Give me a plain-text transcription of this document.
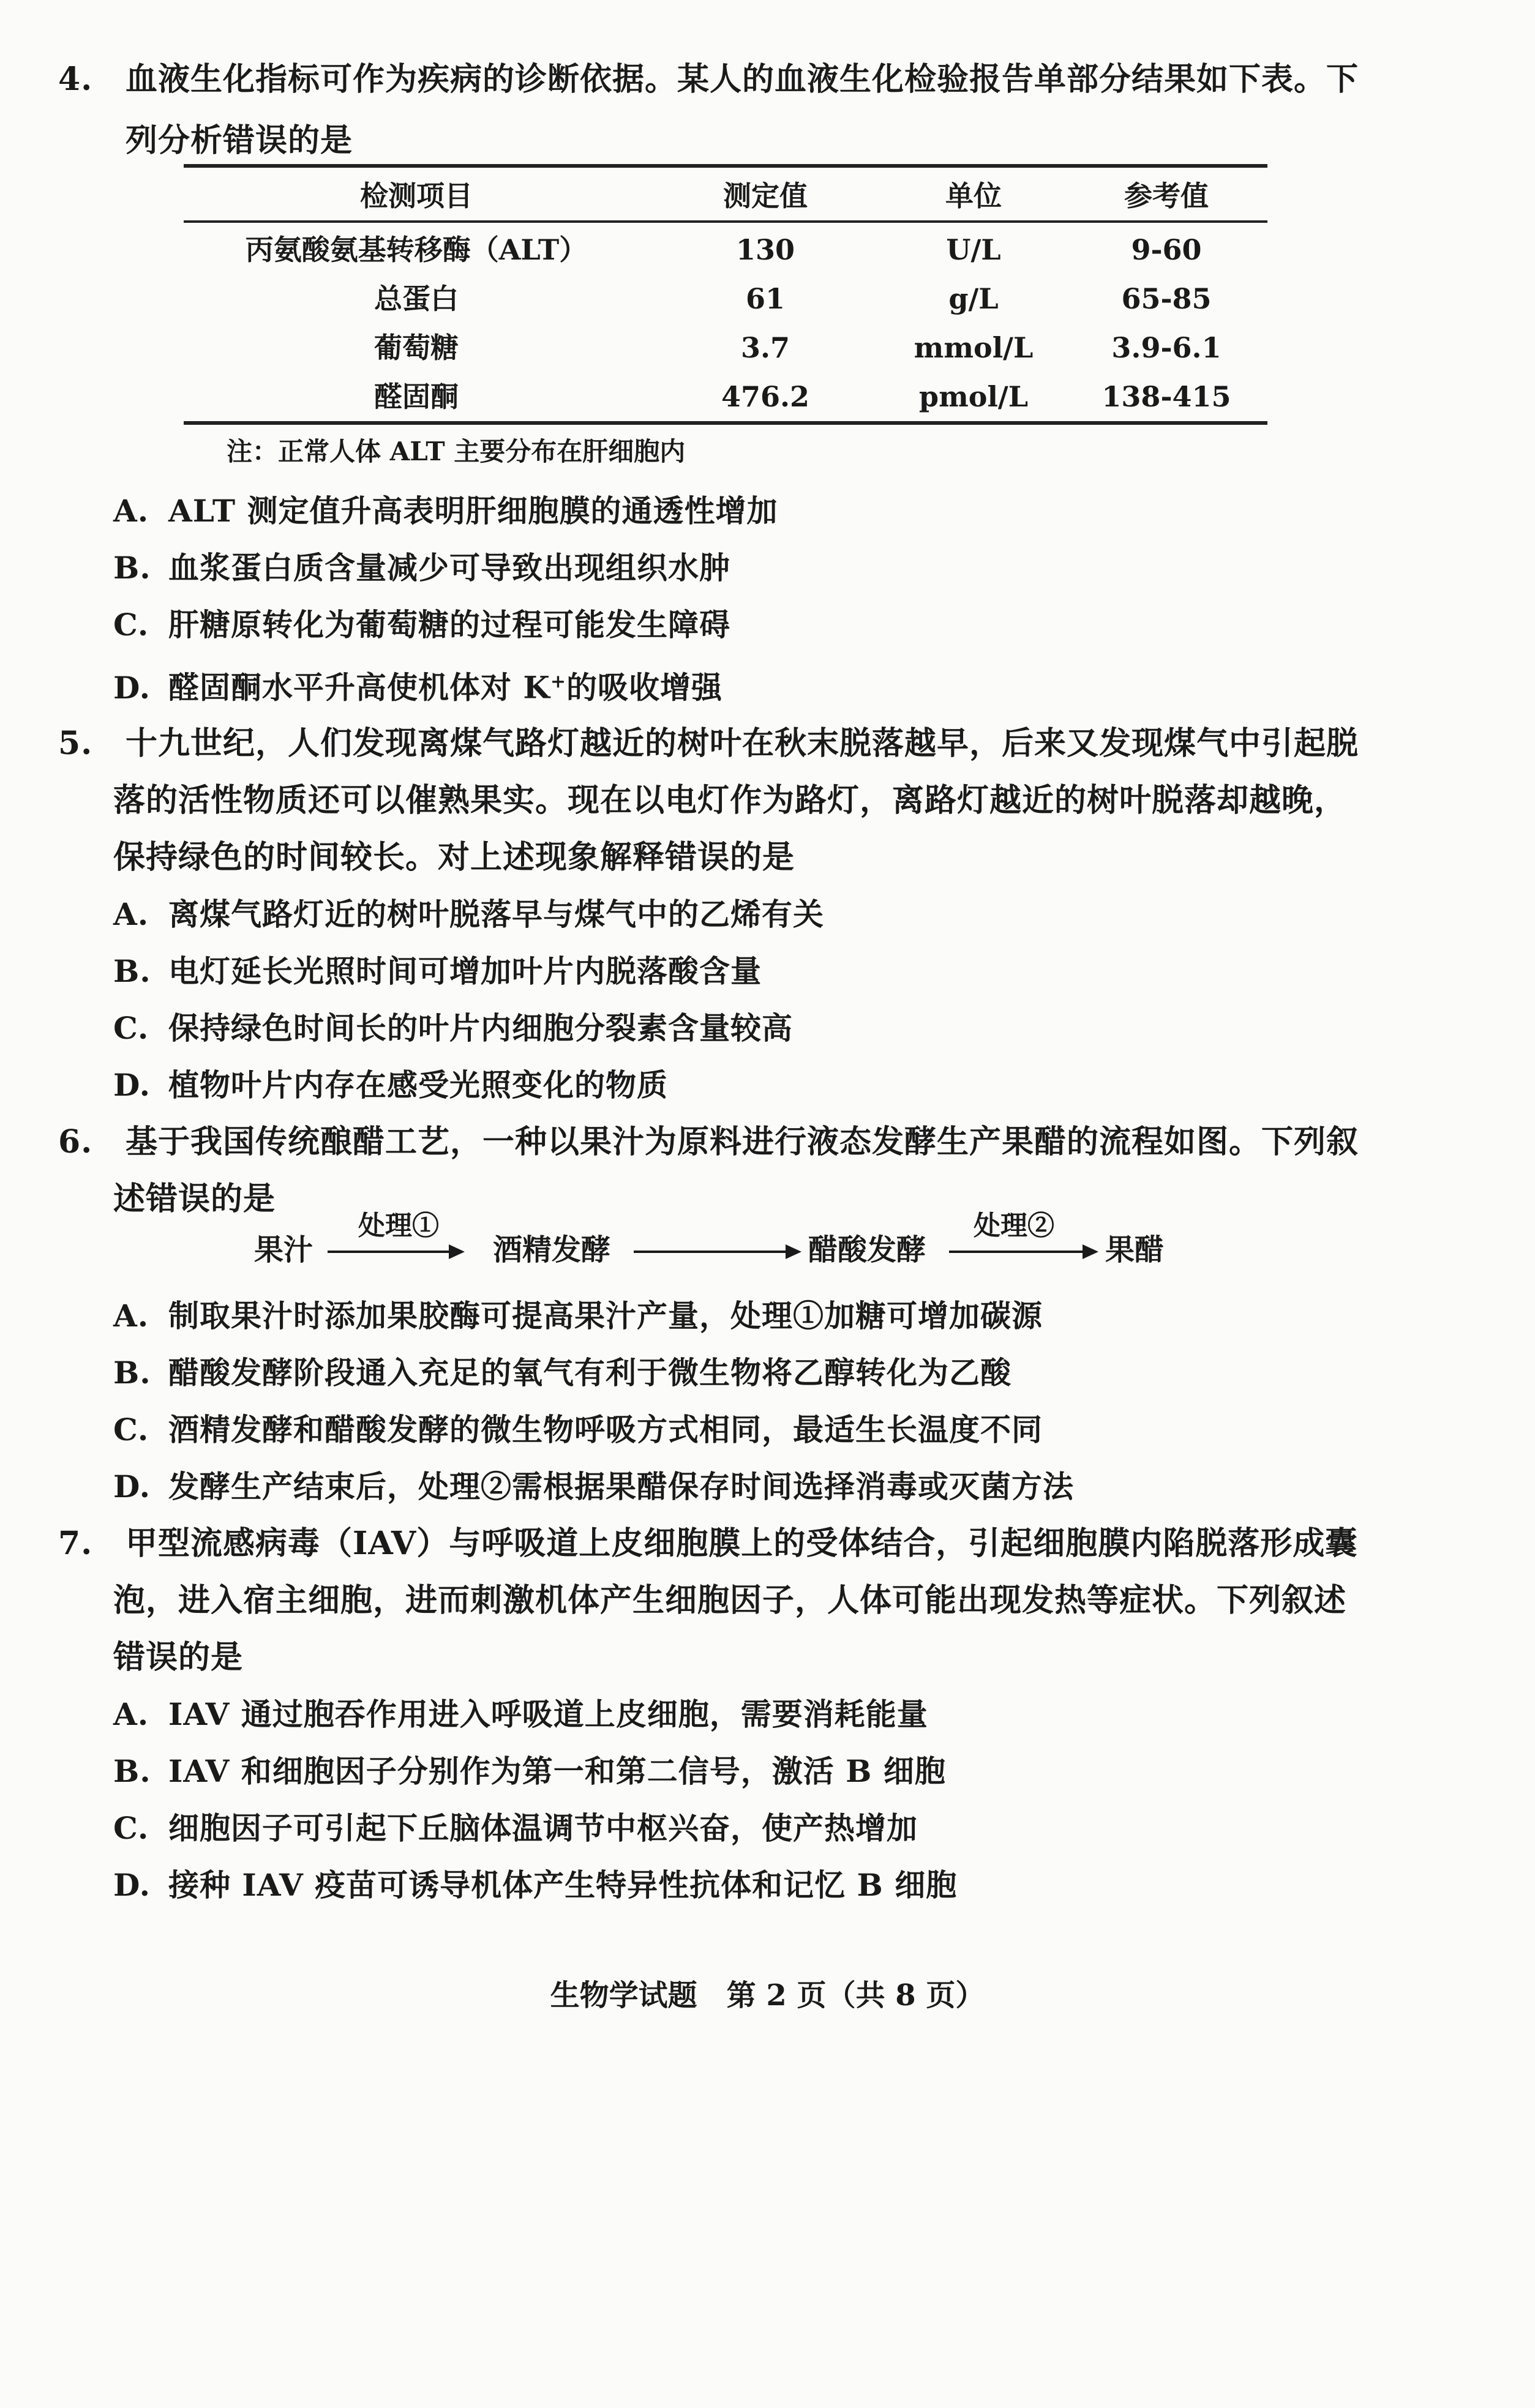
4. 血液生化指标可作为疾病的诊断依据。某人的血液生化检验报告单部分结果如下表。下
列分析错误的是
检测项目	测定值	单位	参考值
丙氨酸氨基转移酶（ALT）	130	U/L	9-60
总蛋白	61	g/L	65-85
葡萄糖	3.7	mmol/L	3.9-6.1
醛固酮	476.2	pmol/L	138-415
注：正常人体 ALT 主要分布在肝细胞内
A. ALT 测定值升高表明肝细胞膜的通透性增加
B. 血浆蛋白质含量减少可导致出现组织水肿
C. 肝糖原转化为葡萄糖的过程可能发生障碍
D. 醛固酮水平升高使机体对 K+的吸收增强
5. 十九世纪，人们发现离煤气路灯越近的树叶在秋末脱落越早，后来又发现煤气中引起脱
落的活性物质还可以催熟果实。现在以电灯作为路灯，离路灯越近的树叶脱落却越晚，
保持绿色的时间较长。对上述现象解释错误的是
A. 离煤气路灯近的树叶脱落早与煤气中的乙烯有关
B. 电灯延长光照时间可增加叶片内脱落酸含量
C. 保持绿色时间长的叶片内细胞分裂素含量较高
D. 植物叶片内存在感受光照变化的物质
6. 基于我国传统酿醋工艺，一种以果汁为原料进行液态发酵生产果醋的流程如图。下列叙
述错误的是
果汁
处理①
酒精发酵	醋酸发酵
处理②
果醋
A. 制取果汁时添加果胶酶可提高果汁产量，处理①加糖可增加碳源
B. 醋酸发酵阶段通入充足的氧气有利于微生物将乙醇转化为乙酸
C. 酒精发酵和醋酸发酵的微生物呼吸方式相同，最适生长温度不同
D. 发酵生产结束后，处理②需根据果醋保存时间选择消毒或灭菌方法
7. 甲型流感病毒（IAV）与呼吸道上皮细胞膜上的受体结合，引起细胞膜内陷脱落形成囊
泡，进入宿主细胞，进而刺激机体产生细胞因子，人体可能出现发热等症状。下列叙述
错误的是
A. IAV 通过胞吞作用进入呼吸道上皮细胞，需要消耗能量
B. IAV 和细胞因子分别作为第一和第二信号，激活 B 细胞
C. 细胞因子可引起下丘脑体温调节中枢兴奋，使产热增加
D. 接种 IAV 疫苗可诱导机体产生特异性抗体和记忆 B 细胞
生物学试题　第 2 页（共 8 页）
